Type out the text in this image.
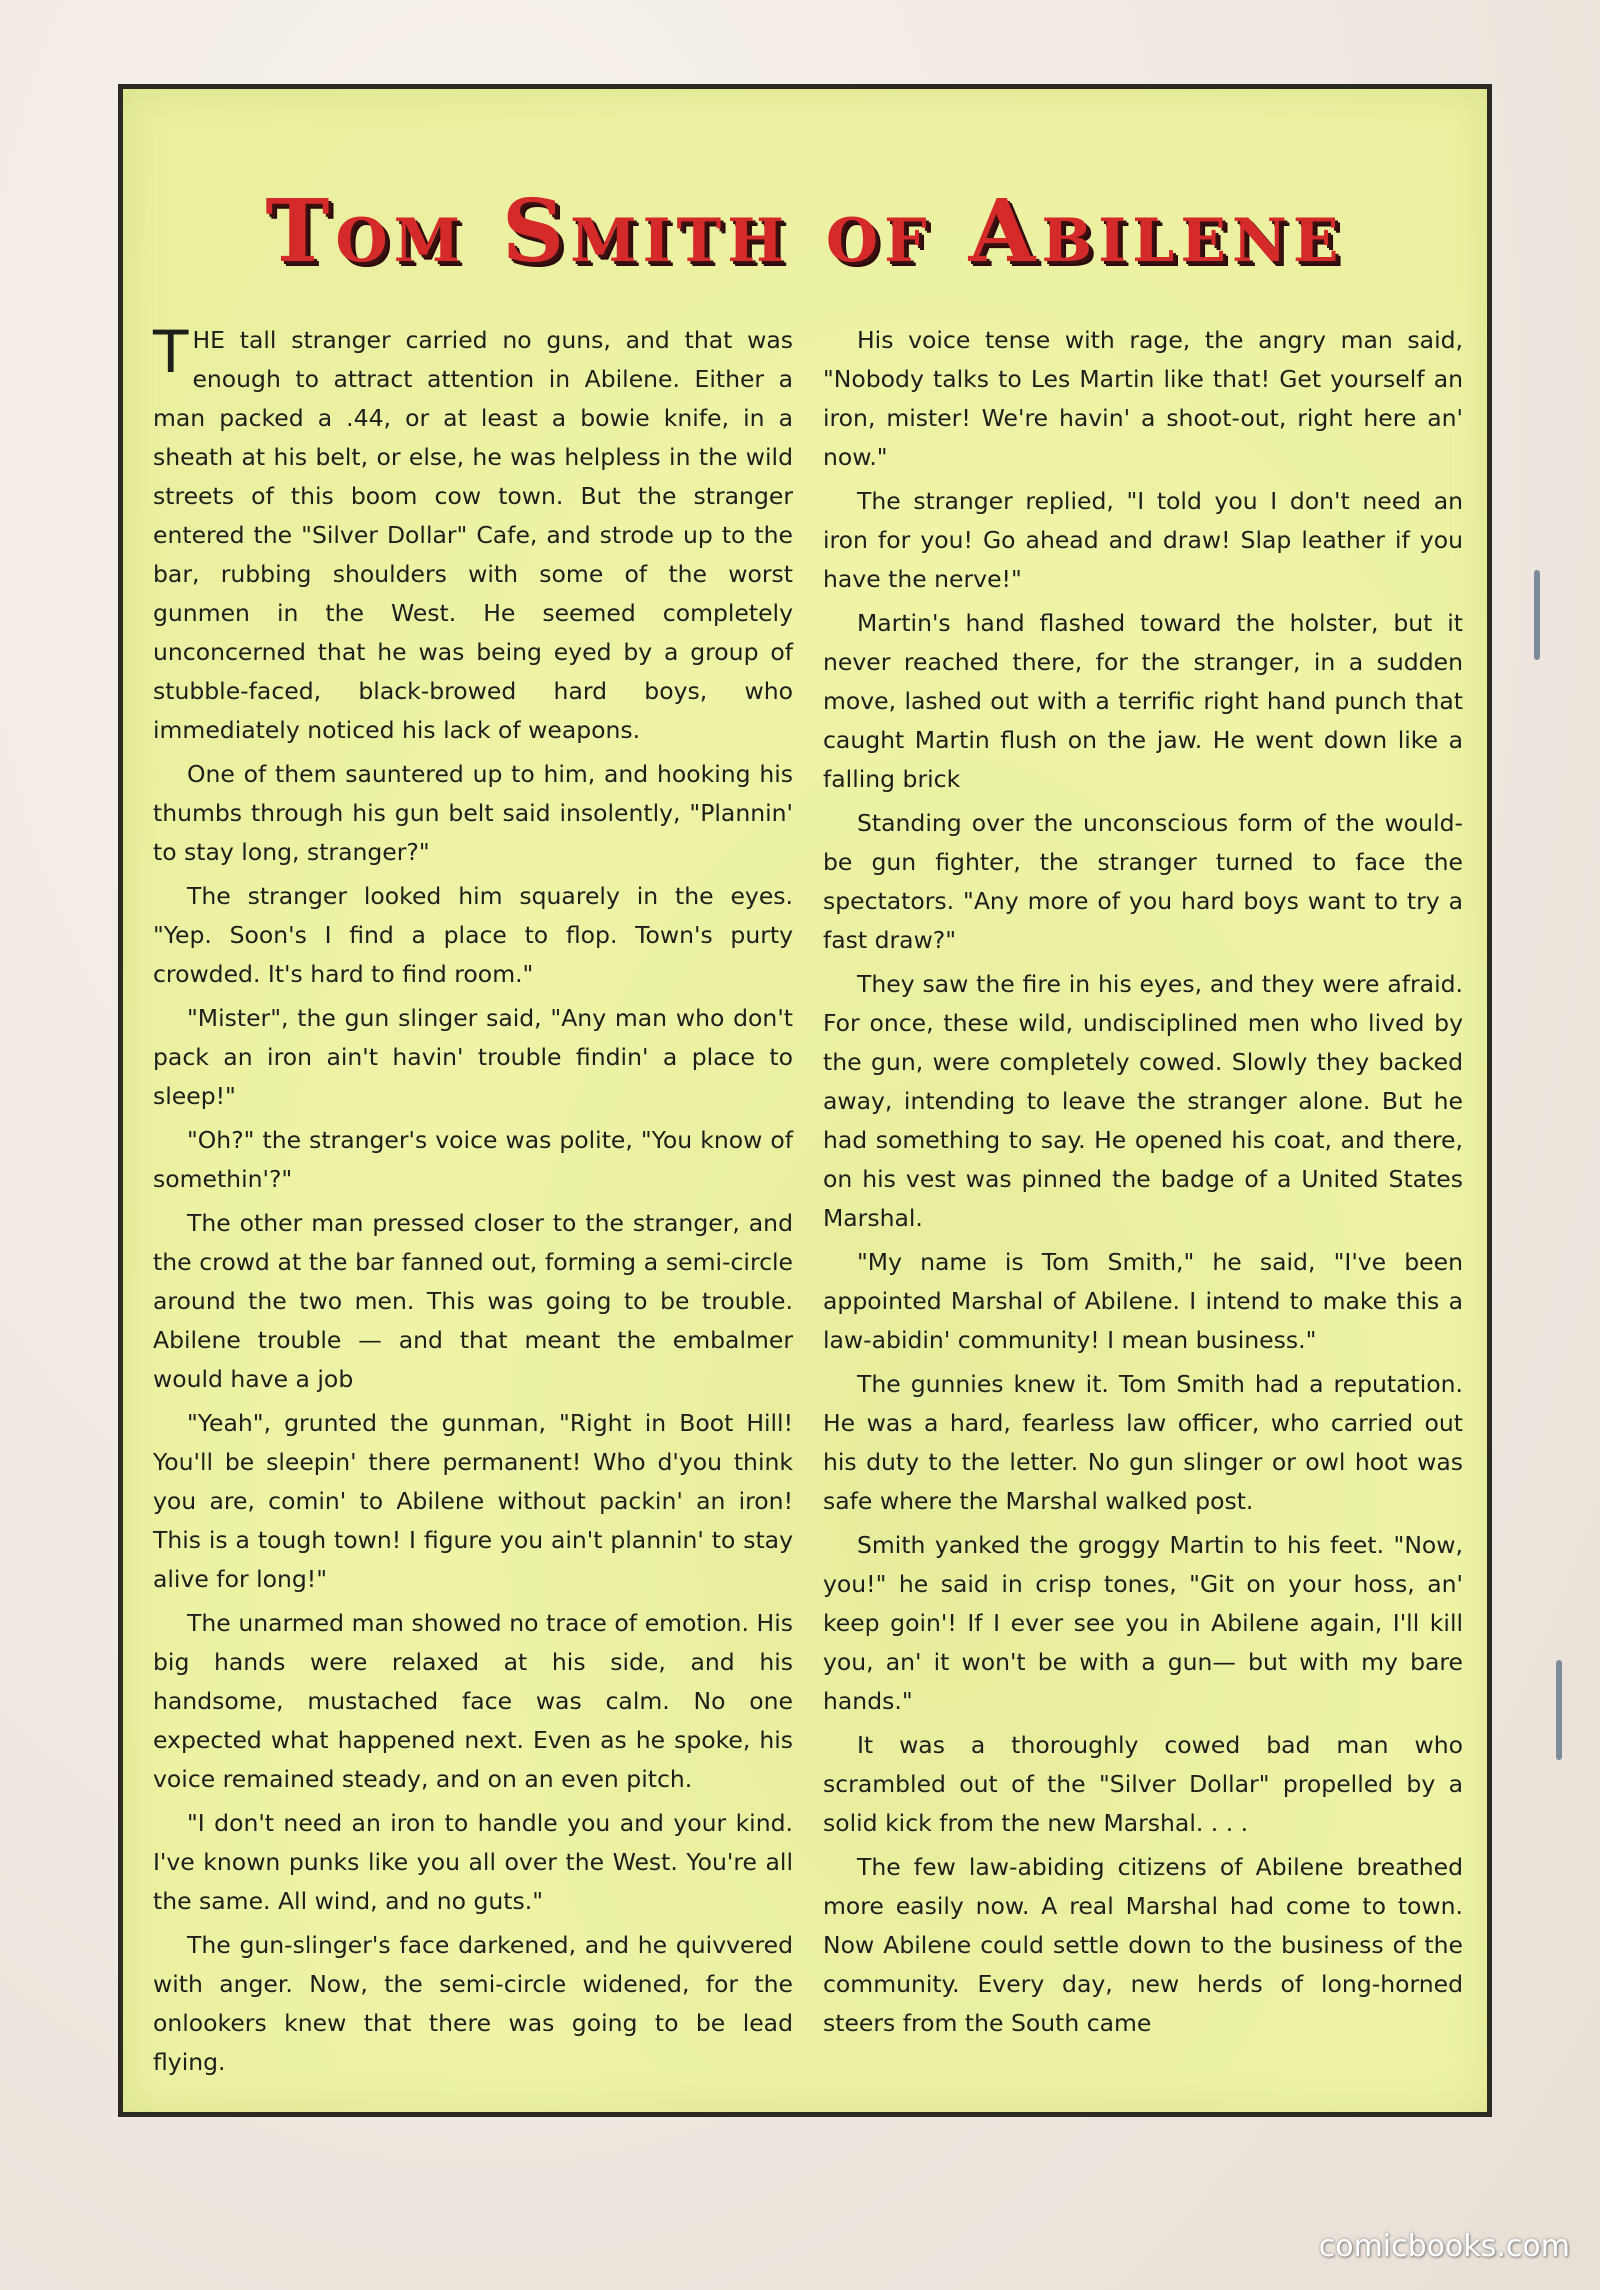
Tom Smith of Abilene

THE tall stranger carried no guns, and that was enough to attract attention in Abilene. Either a man packed a .44, or at least a bowie knife, in a sheath at his belt, or else, he was helpless in the wild streets of this boom cow town. But the stranger entered the "Silver Dollar" Cafe, and strode up to the bar, rubbing shoulders with some of the worst gunmen in the West. He seemed completely unconcerned that he was being eyed by a group of stubble-faced, black-browed hard boys, who immediately noticed his lack of weapons.

One of them sauntered up to him, and hooking his thumbs through his gun belt said insolently, "Plannin' to stay long, stranger?"

The stranger looked him squarely in the eyes. "Yep. Soon's I find a place to flop. Town's purty crowded. It's hard to find room."

"Mister", the gun slinger said, "Any man who don't pack an iron ain't havin' trouble findin' a place to sleep!"

"Oh?" the stranger's voice was polite, "You know of somethin'?"

The other man pressed closer to the stranger, and the crowd at the bar fanned out, forming a semi-circle around the two men. This was going to be trouble. Abilene trouble — and that meant the embalmer would have a job

"Yeah", grunted the gunman, "Right in Boot Hill! You'll be sleepin' there permanent! Who d'you think you are, comin' to Abilene without packin' an iron! This is a tough town! I figure you ain't plannin' to stay alive for long!"

The unarmed man showed no trace of emotion. His big hands were relaxed at his side, and his handsome, mustached face was calm. No one expected what happened next. Even as he spoke, his voice remained steady, and on an even pitch.

"I don't need an iron to handle you and your kind. I've known punks like you all over the West. You're all the same. All wind, and no guts."

The gun-slinger's face darkened, and he quivvered with anger. Now, the semi-circle widened, for the onlookers knew that there was going to be lead flying.

His voice tense with rage, the angry man said, "Nobody talks to Les Martin like that! Get yourself an iron, mister! We're havin' a shoot-out, right here an' now."

The stranger replied, "I told you I don't need an iron for you! Go ahead and draw! Slap leather if you have the nerve!"

Martin's hand flashed toward the holster, but it never reached there, for the stranger, in a sudden move, lashed out with a terrific right hand punch that caught Martin flush on the jaw. He went down like a falling brick

Standing over the unconscious form of the would-be gun fighter, the stranger turned to face the spectators. "Any more of you hard boys want to try a fast draw?"

They saw the fire in his eyes, and they were afraid. For once, these wild, undisciplined men who lived by the gun, were completely cowed. Slowly they backed away, intending to leave the stranger alone. But he had something to say. He opened his coat, and there, on his vest was pinned the badge of a United States Marshal.

"My name is Tom Smith," he said, "I've been appointed Marshal of Abilene. I intend to make this a law-abidin' community! I mean business."

The gunnies knew it. Tom Smith had a reputation. He was a hard, fearless law officer, who carried out his duty to the letter. No gun slinger or owl hoot was safe where the Marshal walked post.

Smith yanked the groggy Martin to his feet. "Now, you!" he said in crisp tones, "Git on your hoss, an' keep goin'! If I ever see you in Abilene again, I'll kill you, an' it won't be with a gun— but with my bare hands."

It was a thoroughly cowed bad man who scrambled out of the "Silver Dollar" propelled by a solid kick from the new Marshal. . . .

The few law-abiding citizens of Abilene breathed more easily now. A real Marshal had come to town. Now Abilene could settle down to the business of the community. Every day, new herds of long-horned steers from the South came

comicbooks.com
